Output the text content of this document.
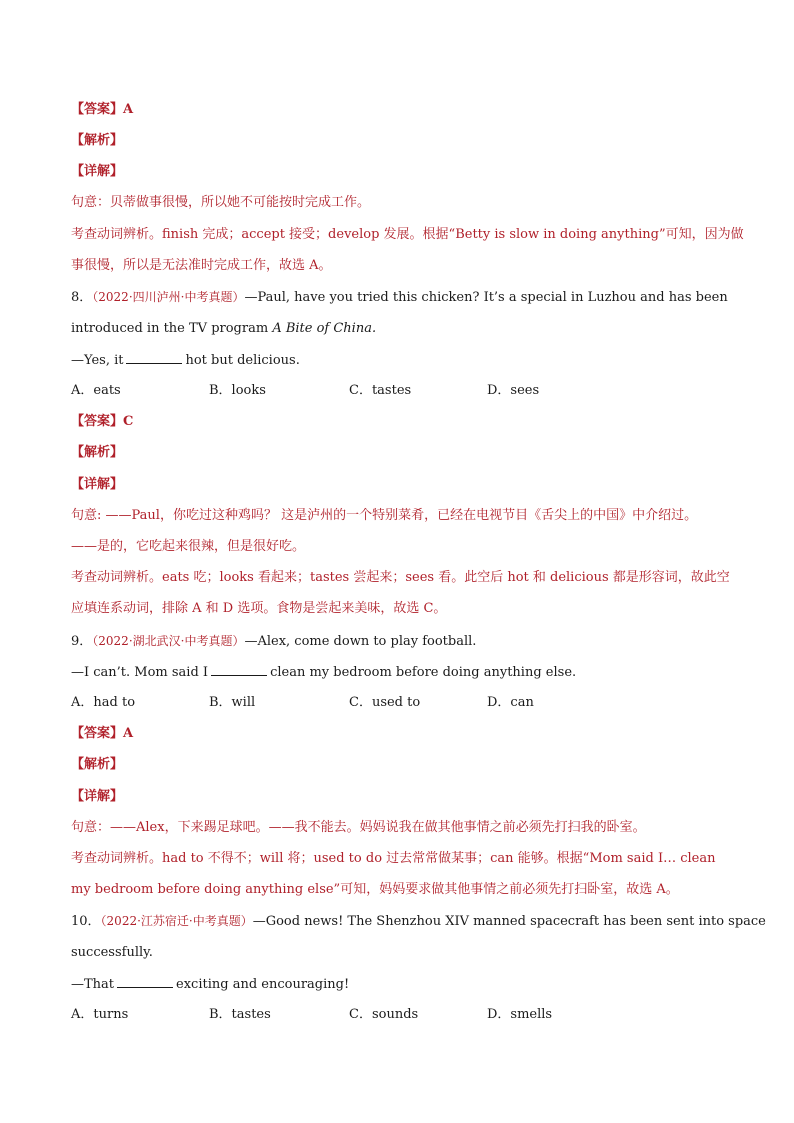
【答案】A
【解析】
【详解】
句意：贝蒂做事很慢，所以她不可能按时完成工作。
考查动词辨析。finish 完成；accept 接受；develop 发展。根据“Betty is slow in doing anything”可知，因为做
事很慢，所以是无法准时完成工作，故选 A。
8．（2022·四川泸州·中考真题）—Paul, have you tried this chicken? It’s a special in Luzhou and has been
introduced in the TV program A Bite of China.
—Yes, it	hot but delicious.
A．eats	B．looks	C．tastes	D．sees
【答案】C
【解析】
【详解】
句意: ——Paul，你吃过这种鸡吗？ 这是泸州的一个特别菜肴，已经在电视节目《舌尖上的中国》中介绍过。
——是的，它吃起来很辣，但是很好吃。
考查动词辨析。eats 吃；looks 看起来；tastes 尝起来；sees 看。此空后 hot 和 delicious 都是形容词，故此空
应填连系动词，排除 A 和 D 选项。食物是尝起来美味，故选 C。
9．（2022·湖北武汉·中考真题）—Alex, come down to play football.
—I can’t. Mom said I	clean my bedroom before doing anything else.
A．had to	B．will	C．used to	D．can
【答案】A
【解析】
【详解】
句意：——Alex，下来踢足球吧。——我不能去。妈妈说我在做其他事情之前必须先打扫我的卧室。
考查动词辨析。had to 不得不；will 将；used to do 过去常常做某事；can 能够。根据“Mom said I… clean
my bedroom before doing anything else”可知，妈妈要求做其他事情之前必须先打扫卧室，故选 A。
10．（2022·江苏宿迁·中考真题）—Good news! The Shenzhou XIV manned spacecraft has been sent into space
successfully.
—That	exciting and encouraging!
A．turns	B．tastes	C．sounds	D．smells
